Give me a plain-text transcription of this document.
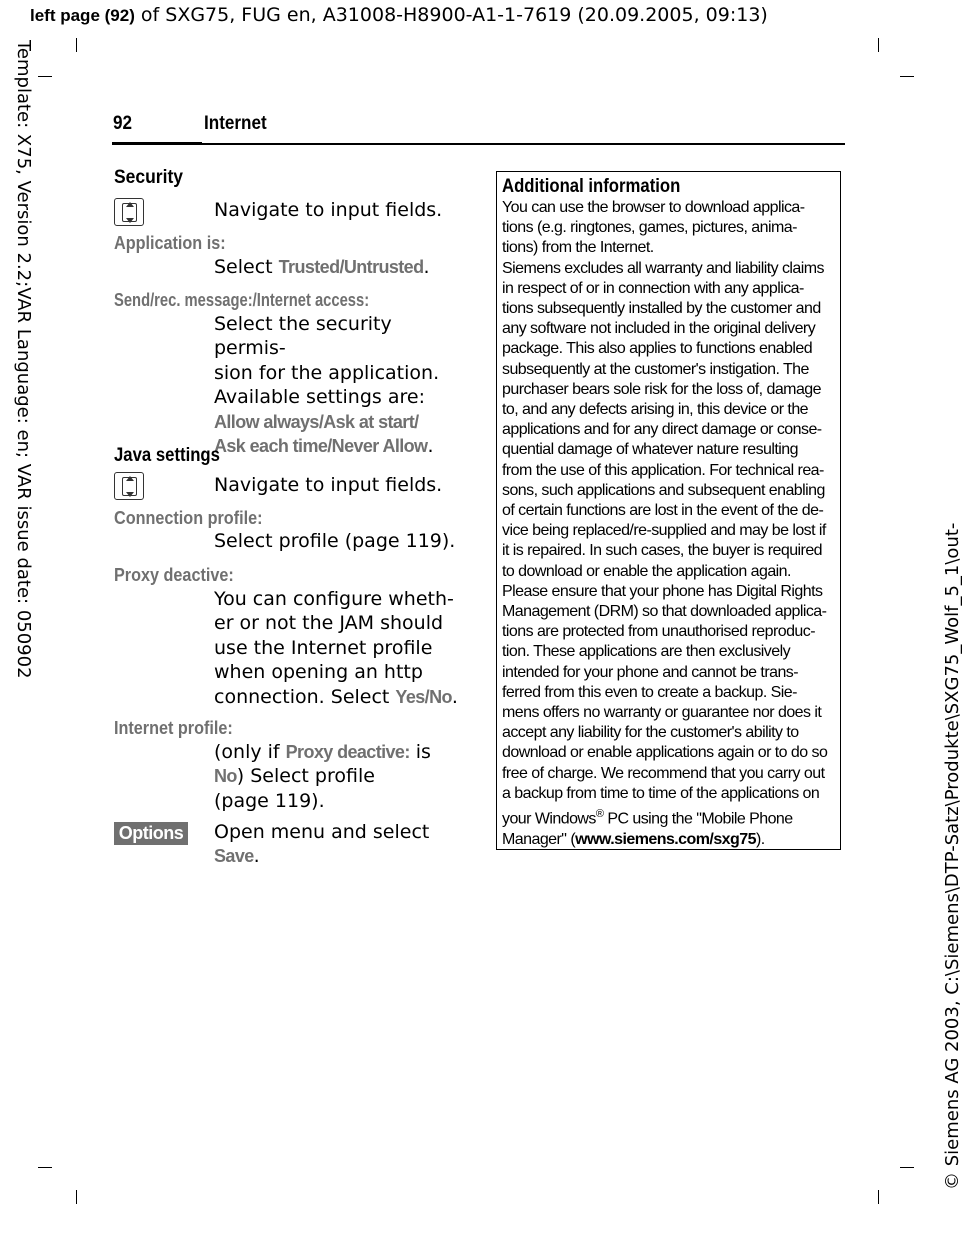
left page (92) of SXG75, FUG en, A31008-H8900-A1-1-7619 (20.09.2005, 09:13)
Template: X75, Version 2.2;VAR Language: en; VAR issue date: 050902
© Siemens AG 2003, C:\Siemens\DTP-Satz\Produkte\SXG75_Wolf_5_1\out-
92	Internet
Security
Navigate to input fields.
Application is:
Select Trusted/Untrusted.
Send/rec. message:/Internet access:
Select the security permis-
sion for the application.
Available settings are:
Allow always/Ask at start/
Ask each time/Never Allow.
Java settings
Navigate to input fields.
Connection profile:
Select profile (page 119).
Proxy deactive:
You can configure wheth-
er or not the JAM should
use the Internet profile
when opening an http
connection. Select Yes/No.
Internet profile:
(only if Proxy deactive: is
No) Select profile
(page 119).
Options Open menu and select
Save.
Additional information

You can use the browser to download applica-

tions (e.g. ringtones, games, pictures, anima-

tions) from the Internet.

Siemens excludes all warranty and liability claims

in respect of or in connection with any applica-

tions subsequently installed by the customer and

any software not included in the original delivery

package. This also applies to functions enabled

subsequently at the customer's instigation. The

purchaser bears sole risk for the loss of, damage

to, and any defects arising in, this device or the

applications and for any direct damage or conse-

quential damage of whatever nature resulting

from the use of this application. For technical rea-

sons, such applications and subsequent enabling

of certain functions are lost in the event of the de-

vice being replaced/re-supplied and may be lost if

it is repaired. In such cases, the buyer is required

to download or enable the application again.

Please ensure that your phone has Digital Rights

Management (DRM) so that downloaded applica-

tions are protected from unauthorised reproduc-

tion. These applications are then exclusively

intended for your phone and cannot be trans-

ferred from this even to create a backup. Sie-

mens offers no warranty or guarantee nor does it

accept any liability for the customer's ability to

download or enable applications again or to do so

free of charge. We recommend that you carry out

a backup from time to time of the applications on

your Windows® PC using the "Mobile Phone

Manager" (www.siemens.com/sxg75).
